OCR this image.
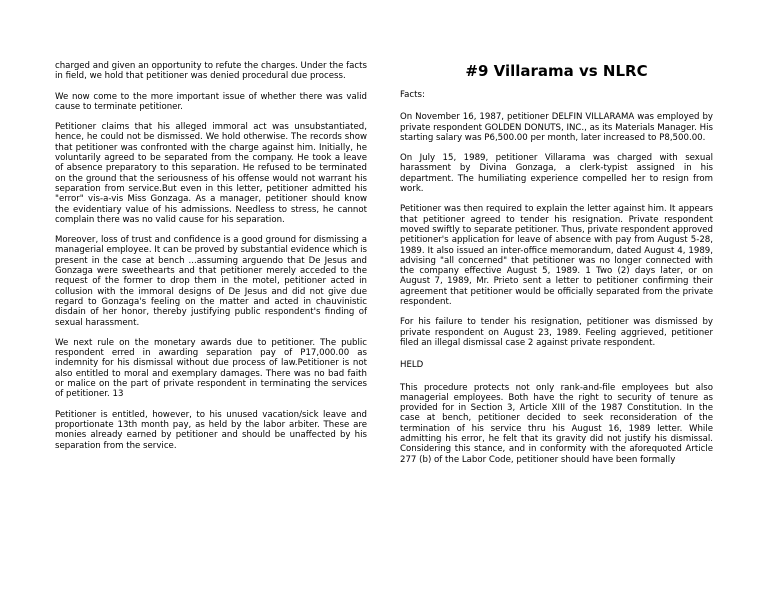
charged and given an opportunity to refute the charges. Under the facts in field, we hold that petitioner was denied procedural due process.

We now come to the more important issue of whether there was valid cause to terminate petitioner.

Petitioner claims that his alleged immoral act was unsubstantiated, hence, he could not be dismissed. We hold otherwise. The records show that petitioner was confronted with the charge against him. Initially, he voluntarily agreed to be separated from the company. He took a leave of absence preparatory to this separation. He refused to be terminated on the ground that the seriousness of his offense would not warrant his separation from service.But even in this letter, petitioner admitted his "error" vis-a-vis Miss Gonzaga. As a manager, petitioner should know the evidentiary value of his admissions. Needless to stress, he cannot complain there was no valid cause for his separation.

Moreover, loss of trust and confidence is a good ground for dismissing a managerial employee. It can be proved by substantial evidence which is present in the case at bench ...assuming arguendo that De Jesus and Gonzaga were sweethearts and that petitioner merely acceded to the request of the former to drop them in the motel, petitioner acted in collusion with the immoral designs of De Jesus and did not give due regard to Gonzaga's feeling on the matter and acted in chauvinistic disdain of her honor, thereby justifying public respondent's finding of sexual harassment.

We next rule on the monetary awards due to petitioner. The public respondent erred in awarding separation pay of P17,000.00 as indemnity for his dismissal without due process of law.Petitioner is not also entitled to moral and exemplary damages. There was no bad faith or malice on the part of private respondent in terminating the services of petitioner. 13

Petitioner is entitled, however, to his unused vacation/sick leave and proportionate 13th month pay, as held by the labor arbiter. These are monies already earned by petitioner and should be unaffected by his separation from the service.

#9 Villarama vs NLRC

Facts:

On November 16, 1987, petitioner DELFIN VILLARAMA was employed by private respondent GOLDEN DONUTS, INC., as its Materials Manager. His starting salary was P6,500.00 per month, later increased to P8,500.00.

On July 15, 1989, petitioner Villarama was charged with sexual harassment by Divina Gonzaga, a clerk-typist assigned in his department. The humiliating experience compelled her to resign from work.

Petitioner was then required to explain the letter against him. It appears that petitioner agreed to tender his resignation. Private respondent moved swiftly to separate petitioner. Thus, private respondent approved petitioner's application for leave of absence with pay from August 5-28, 1989. It also issued an inter-office memorandum, dated August 4, 1989, advising "all concerned" that petitioner was no longer connected with the company effective August 5, 1989. 1 Two (2) days later, or on August 7, 1989, Mr. Prieto sent a letter to petitioner confirming their agreement that petitioner would be officially separated from the private respondent.

For his failure to tender his resignation, petitioner was dismissed by private respondent on August 23, 1989. Feeling aggrieved, petitioner filed an illegal dismissal case 2 against private respondent.

HELD

This procedure protects not only rank-and-file employees but also managerial employees. Both have the right to security of tenure as provided for in Section 3, Article XIII of the 1987 Constitution. In the case at bench, petitioner decided to seek reconsideration of the termination of his service thru his August 16, 1989 letter. While admitting his error, he felt that its gravity did not justify his dismissal. Considering this stance, and in conformity with the aforequoted Article 277 (b) of the Labor Code, petitioner should have been formally
